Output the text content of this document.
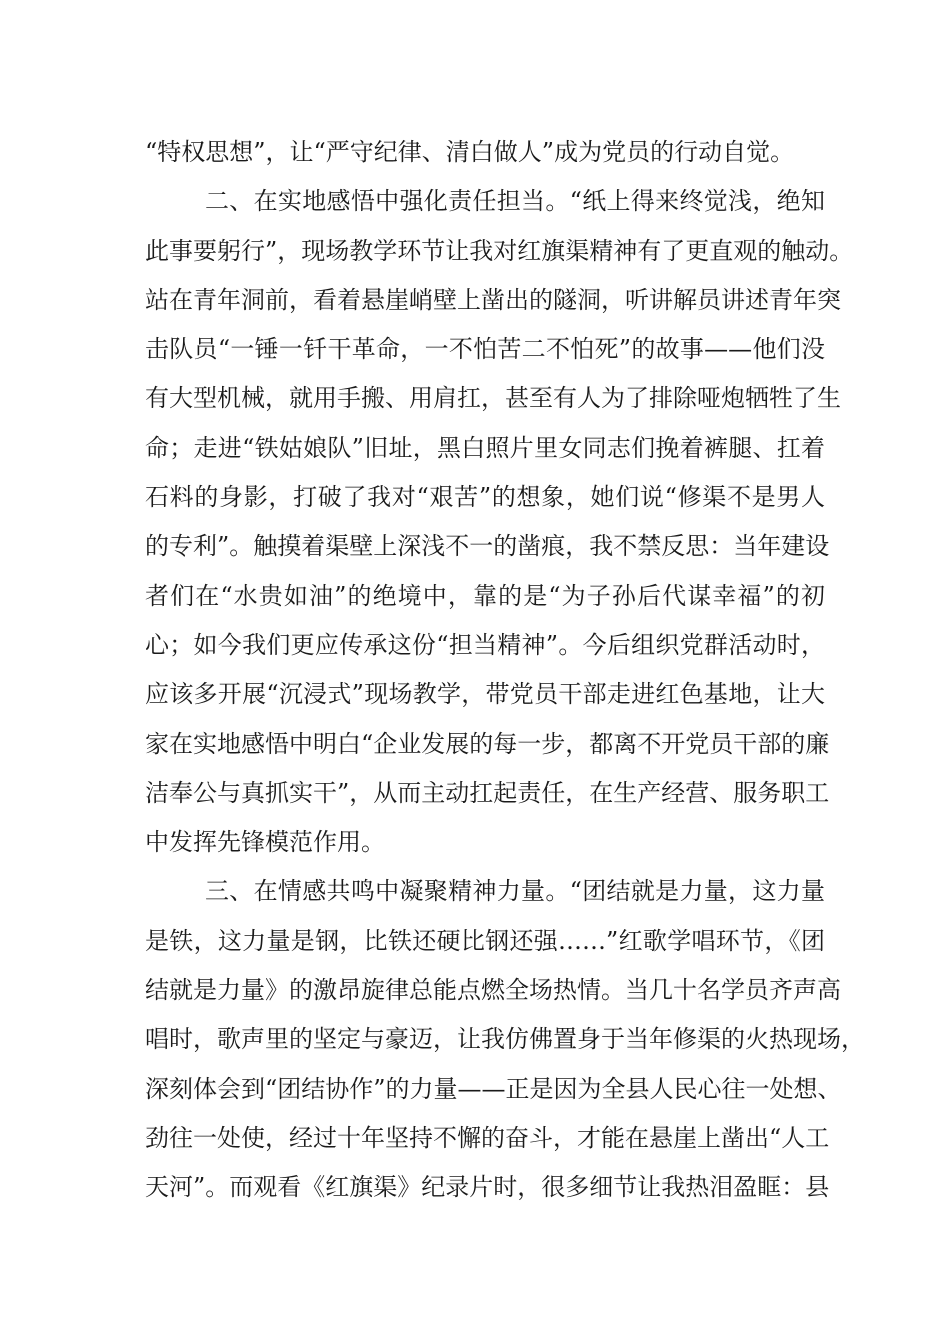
“特权思想”，让“严守纪律、清白做人”成为党员的行动自觉。
二、在实地感悟中强化责任担当。“纸上得来终觉浅，绝知
此事要躬行”，现场教学环节让我对红旗渠精神有了更直观的触动。
站在青年洞前，看着悬崖峭壁上凿出的隧洞，听讲解员讲述青年突
击队员“一锤一钎干革命，一不怕苦二不怕死”的故事——他们没
有大型机械，就用手搬、用肩扛，甚至有人为了排除哑炮牺牲了生
命；走进“铁姑娘队”旧址，黑白照片里女同志们挽着裤腿、扛着
石料的身影，打破了我对“艰苦”的想象，她们说“修渠不是男人
的专利”。触摸着渠壁上深浅不一的凿痕，我不禁反思：当年建设
者们在“水贵如油”的绝境中，靠的是“为子孙后代谋幸福”的初
心；如今我们更应传承这份“担当精神”。今后组织党群活动时，
应该多开展“沉浸式”现场教学，带党员干部走进红色基地，让大
家在实地感悟中明白“企业发展的每一步，都离不开党员干部的廉
洁奉公与真抓实干”，从而主动扛起责任，在生产经营、服务职工
中发挥先锋模范作用。
三、在情感共鸣中凝聚精神力量。“团结就是力量，这力量
是铁，这力量是钢，比铁还硬比钢还强……”红歌学唱环节，《团
结就是力量》的激昂旋律总能点燃全场热情。当几十名学员齐声高
唱时，歌声里的坚定与豪迈，让我仿佛置身于当年修渠的火热现场，
深刻体会到“团结协作”的力量——正是因为全县人民心往一处想、
劲往一处使，经过十年坚持不懈的奋斗，才能在悬崖上凿出“人工
天河”。而观看《红旗渠》纪录片时，很多细节让我热泪盈眶：县
